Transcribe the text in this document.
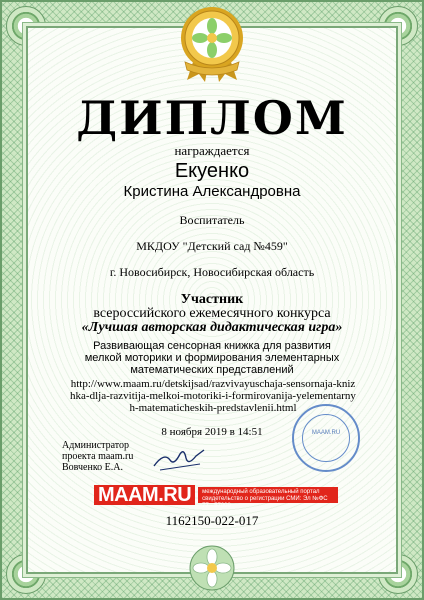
ДИПЛОМ
награждается
Екуенко
Кристина Александровна
Воспитатель
МКДОУ "Детский сад №459"
г. Новосибирск, Новосибирская область
Участник
всероссийского ежемесячного конкурса
«Лучшая авторская дидактическая игра»
Развивающая сенсорная книжка для развития мелкой моторики и формирования элементарных математических представлений
http://www.maam.ru/detskijsad/razvivayuschaja-sensornaja-knizhka-dlja-razvitija-melkoi-motoriki-i-formirovanija-yelementarnyh-matematicheskih-predstavlenii.html
8 ноября 2019 в 14:51
Администратор
проекта maam.ru
Вовченко Е.А.
MAAM.RU
MAAM.RU	международный образовательный портал свидетельство о регистрации СМИ: Эл №ФС 77 - 57008
1162150-022-017
